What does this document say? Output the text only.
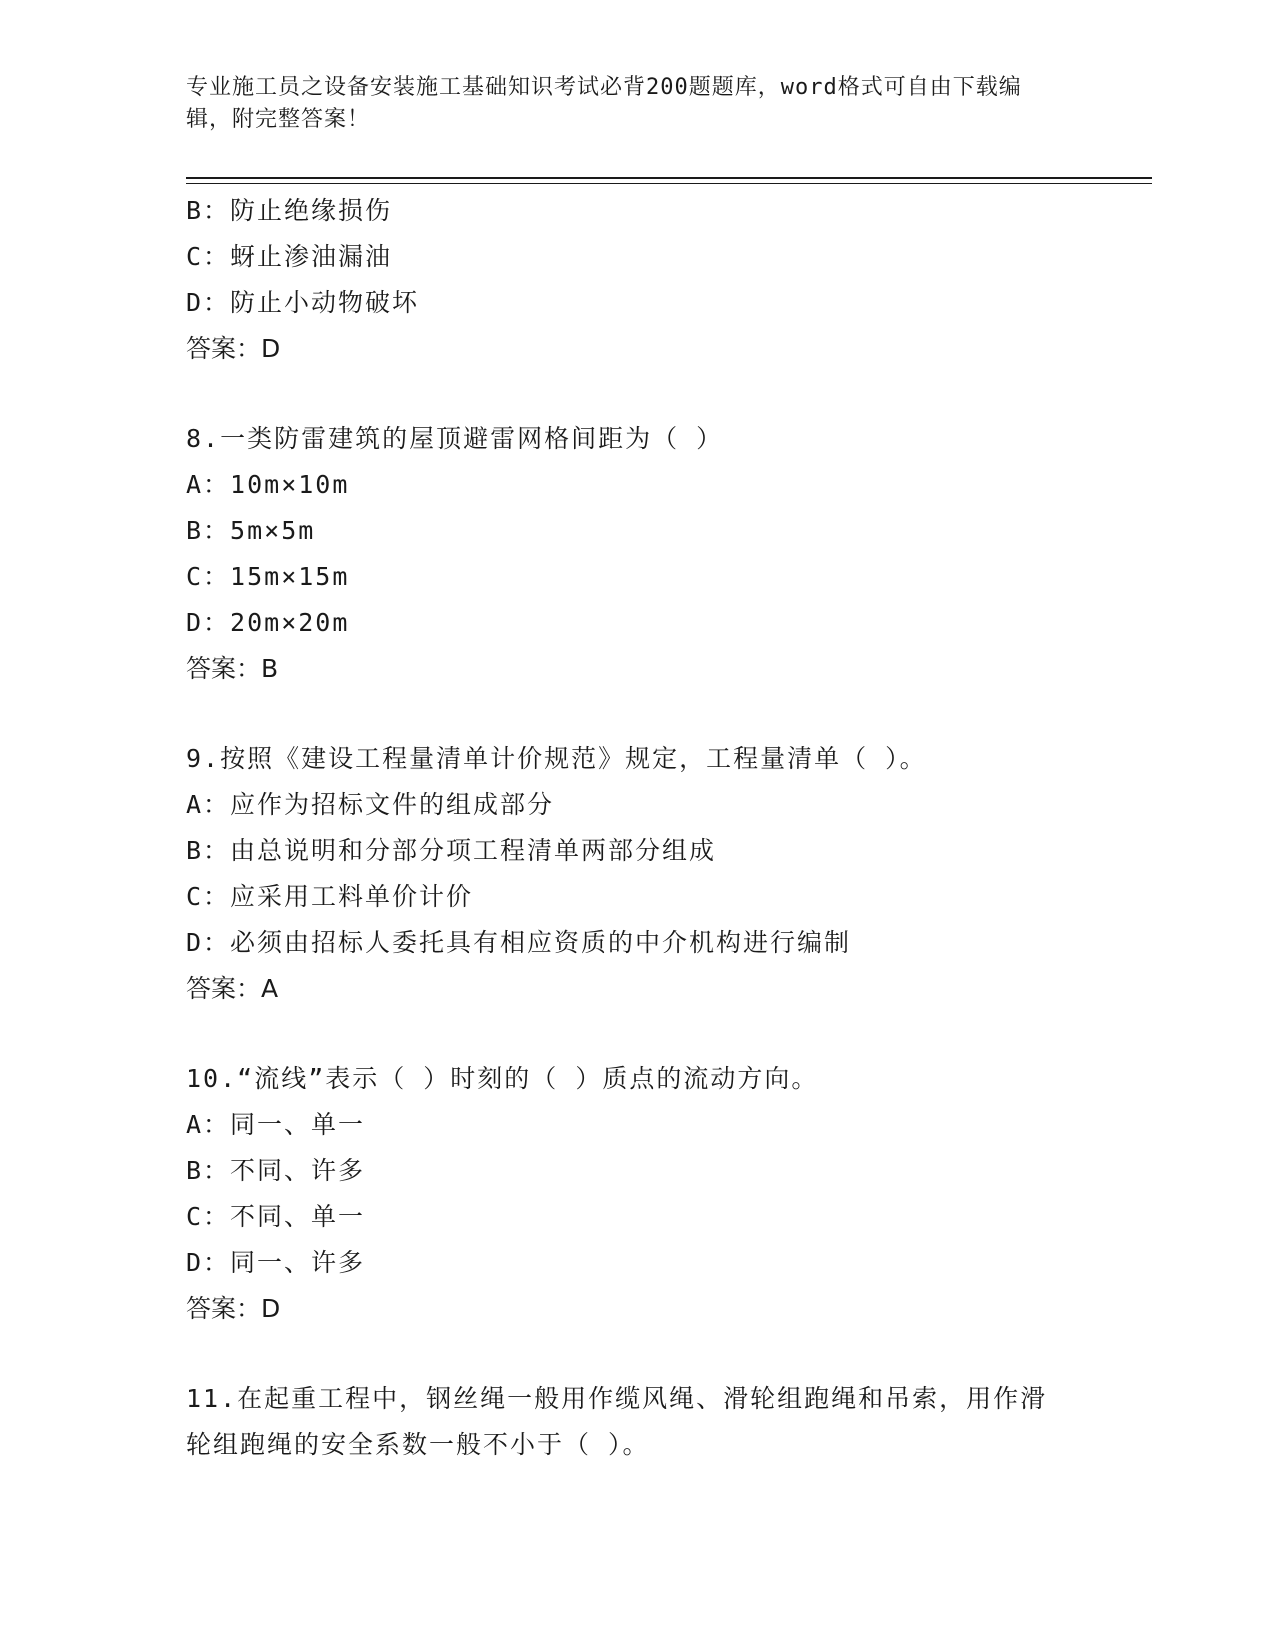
专业施工员之设备安装施工基础知识考试必背200题题库，word格式可自由下载编辑，附完整答案！
B：防止绝缘损伤
C：蚜止渗油漏油
D：防止小动物破坏
答案：D
8.一类防雷建筑的屋顶避雷网格间距为（ ）
A：10m×10m
B：5m×5m
C：15m×15m
D：20m×20m
答案：B
9.按照《建设工程量清单计价规范》规定，工程量清单（ ）。
A：应作为招标文件的组成部分
B：由总说明和分部分项工程清单两部分组成
C：应采用工料单价计价
D：必须由招标人委托具有相应资质的中介机构进行编制
答案：A
10.“流线”表示（ ）时刻的（ ）质点的流动方向。
A：同一、单一
B：不同、许多
C：不同、单一
D：同一、许多
答案：D
11.在起重工程中，钢丝绳一般用作缆风绳、滑轮组跑绳和吊索，用作滑轮组跑绳的安全系数一般不小于（ ）。
